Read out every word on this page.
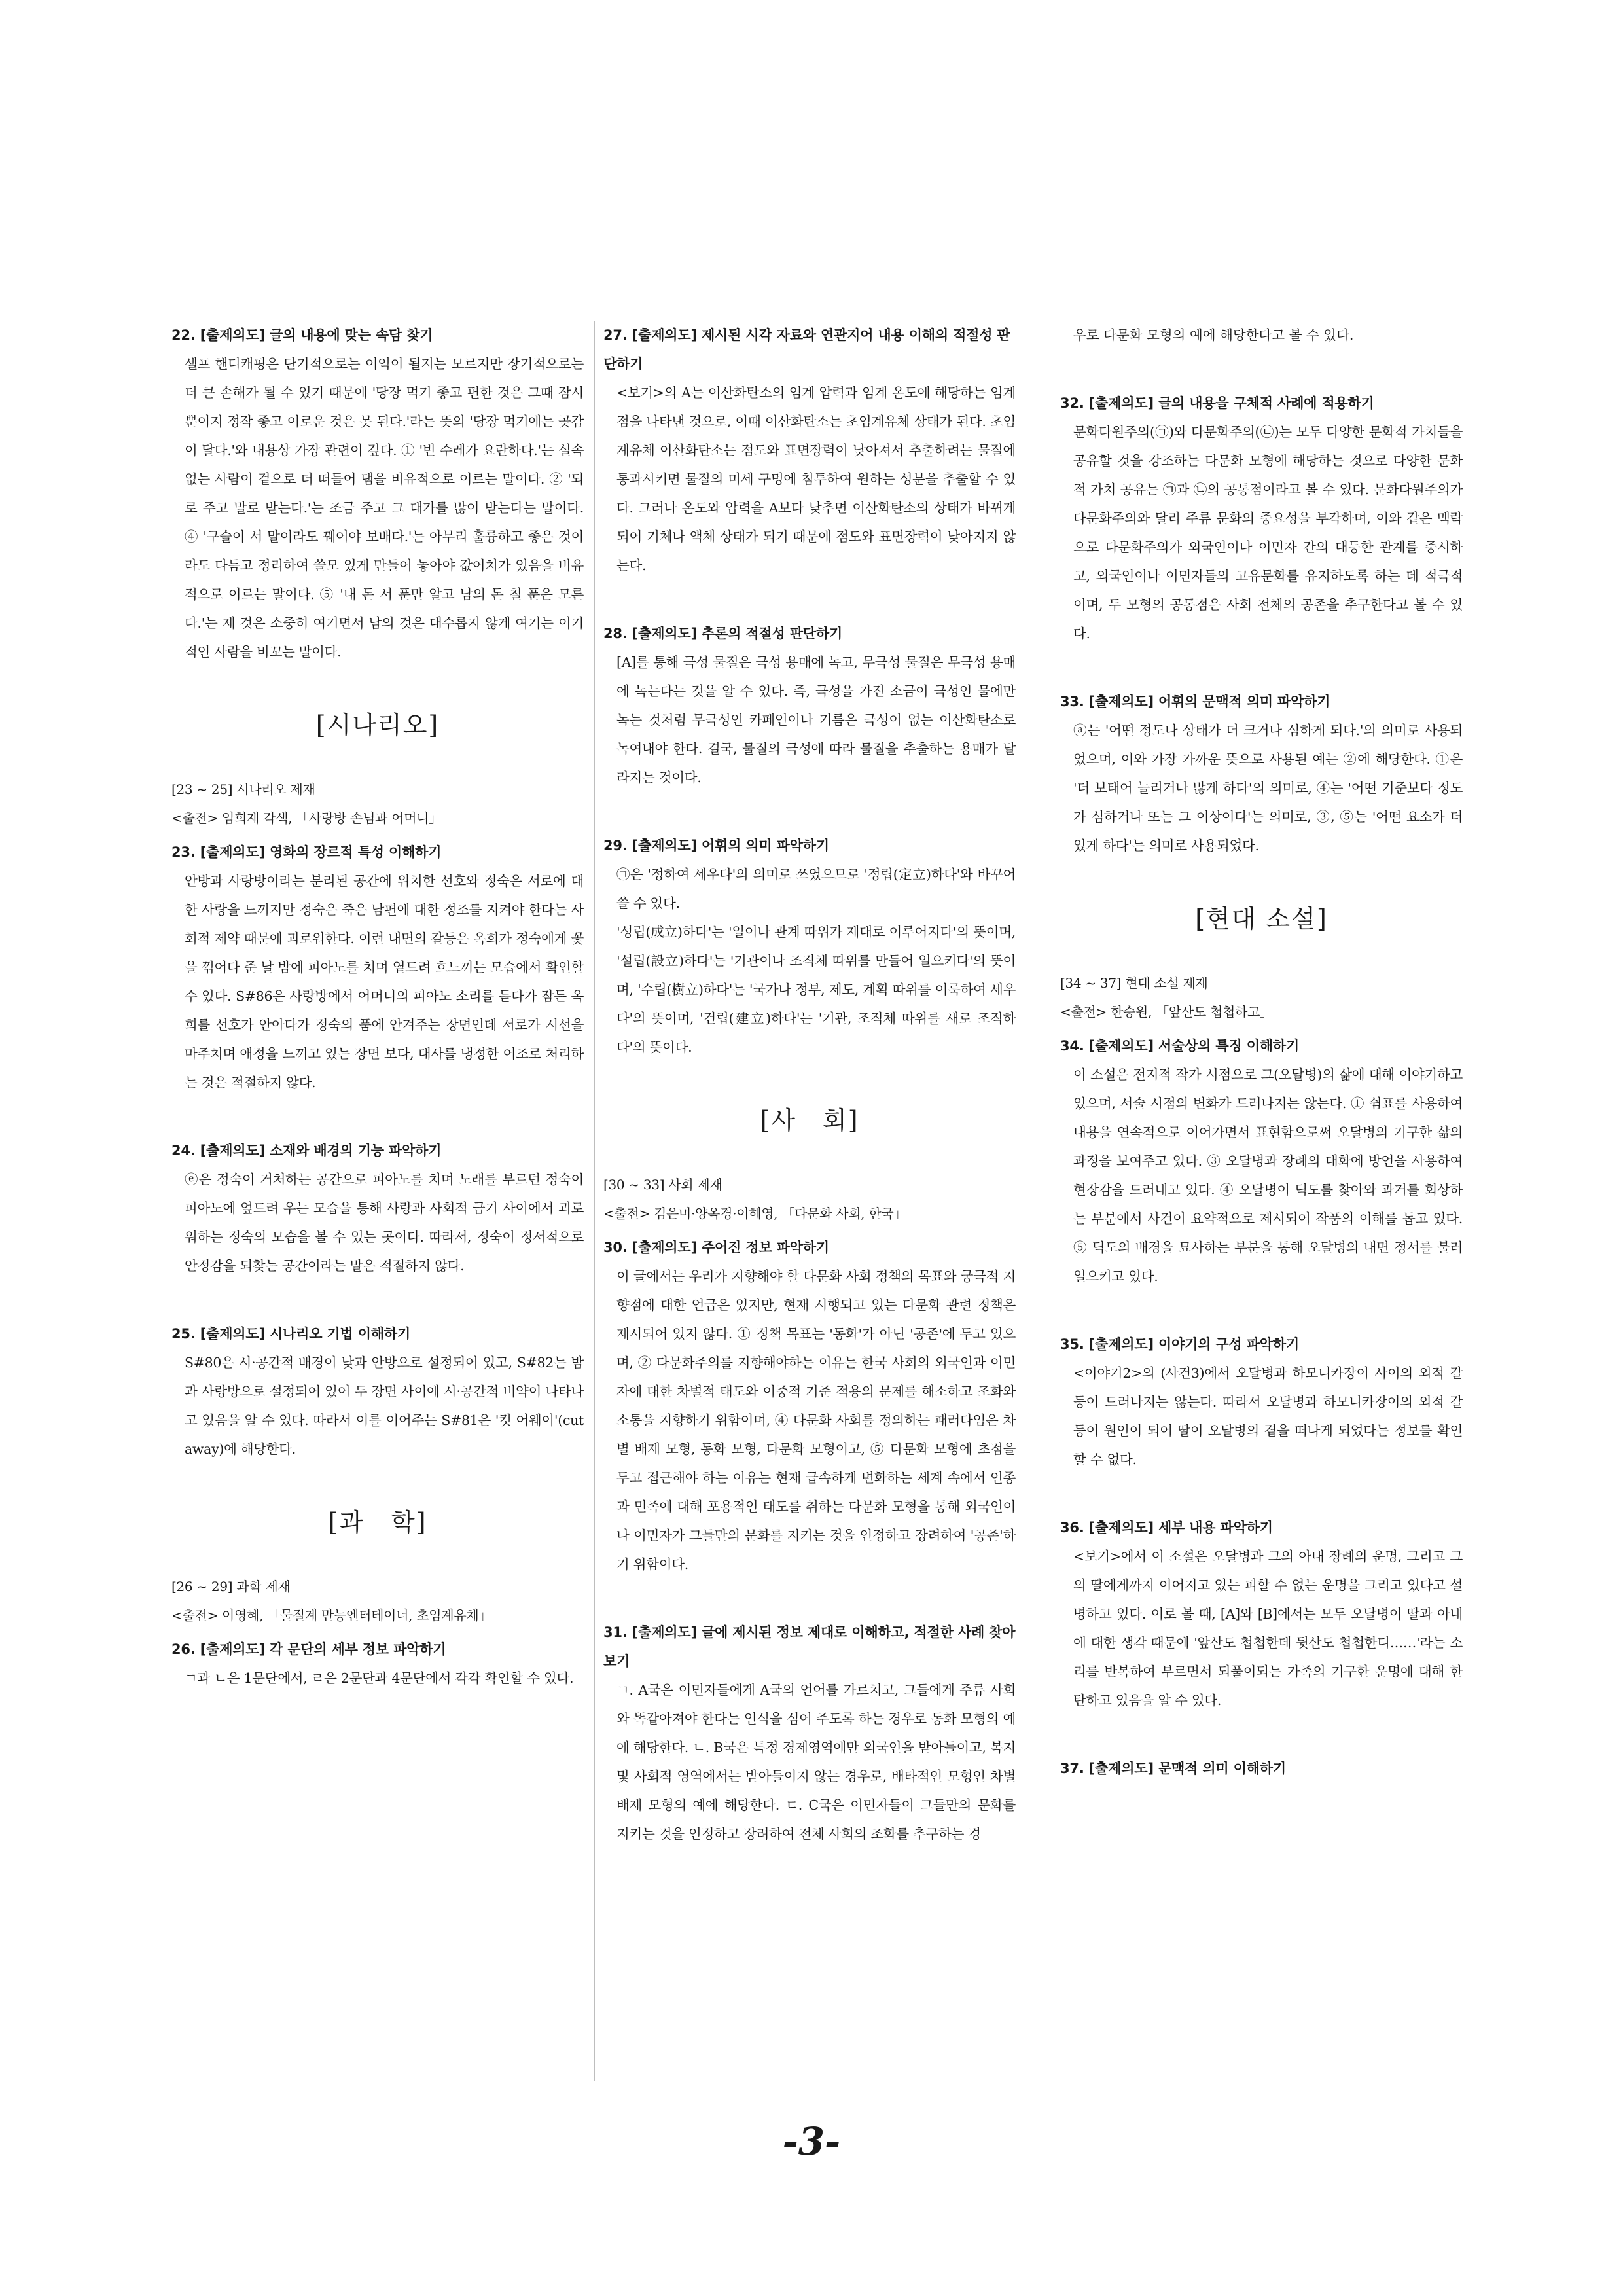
22. [출제의도] 글의 내용에 맞는 속담 찾기

셀프 핸디캐핑은 단기적으로는 이익이 될지는 모르지만 장기적으로는 더 큰 손해가 될 수 있기 때문에 '당장 먹기 좋고 편한 것은 그때 잠시뿐이지 정작 좋고 이로운 것은 못 된다.'라는 뜻의 '당장 먹기에는 곶감이 달다.'와 내용상 가장 관련이 깊다. ① '빈 수레가 요란하다.'는 실속 없는 사람이 겉으로 더 떠들어 댐을 비유적으로 이르는 말이다. ② '되로 주고 말로 받는다.'는 조금 주고 그 대가를 많이 받는다는 말이다. ④ '구슬이 서 말이라도 꿰어야 보배다.'는 아무리 훌륭하고 좋은 것이라도 다듬고 정리하여 쓸모 있게 만들어 놓아야 값어치가 있음을 비유적으로 이르는 말이다. ⑤ '내 돈 서 푼만 알고 남의 돈 칠 푼은 모른다.'는 제 것은 소중히 여기면서 남의 것은 대수롭지 않게 여기는 이기적인 사람을 비꼬는 말이다.

[시나리오]

[23 ~ 25] 시나리오 제재

<출전> 임희재 각색, 「사랑방 손님과 어머니」

23. [출제의도] 영화의 장르적 특성 이해하기

안방과 사랑방이라는 분리된 공간에 위치한 선호와 정숙은 서로에 대한 사랑을 느끼지만 정숙은 죽은 남편에 대한 정조를 지켜야 한다는 사회적 제약 때문에 괴로워한다. 이런 내면의 갈등은 옥희가 정숙에게 꽃을 꺾어다 준 날 밤에 피아노를 치며 옅드려 흐느끼는 모습에서 확인할 수 있다. S#86은 사랑방에서 어머니의 피아노 소리를 듣다가 잠든 옥희를 선호가 안아다가 정숙의 품에 안겨주는 장면인데 서로가 시선을 마주치며 애정을 느끼고 있는 장면 보다, 대사를 냉정한 어조로 처리하는 것은 적절하지 않다.

24. [출제의도] 소재와 배경의 기능 파악하기

ⓔ은 정숙이 거처하는 공간으로 피아노를 치며 노래를 부르던 정숙이 피아노에 엎드려 우는 모습을 통해 사랑과 사회적 금기 사이에서 괴로워하는 정숙의 모습을 볼 수 있는 곳이다. 따라서, 정숙이 정서적으로 안정감을 되찾는 공간이라는 말은 적절하지 않다.

25. [출제의도] 시나리오 기법 이해하기

S#80은 시·공간적 배경이 낮과 안방으로 설정되어 있고, S#82는 밤과 사랑방으로 설정되어 있어 두 장면 사이에 시·공간적 비약이 나타나고 있음을 알 수 있다. 따라서 이를 이어주는 S#81은 '컷 어웨이'(cut away)에 해당한다.

[과　학]

[26 ~ 29] 과학 제재

<출전> 이영혜, 「물질계 만능엔터테이너, 초임계유체」

26. [출제의도] 각 문단의 세부 정보 파악하기

ㄱ과 ㄴ은 1문단에서, ㄹ은 2문단과 4문단에서 각각 확인할 수 있다.

27. [출제의도] 제시된 시각 자료와 연관지어 내용 이해의 적절성 판단하기

<보기>의 A는 이산화탄소의 임계 압력과 임계 온도에 해당하는 임계점을 나타낸 것으로, 이때 이산화탄소는 초임계유체 상태가 된다. 초임계유체 이산화탄소는 점도와 표면장력이 낮아져서 추출하려는 물질에 통과시키면 물질의 미세 구멍에 침투하여 원하는 성분을 추출할 수 있다. 그러나 온도와 압력을 A보다 낮추면 이산화탄소의 상태가 바뀌게 되어 기체나 액체 상태가 되기 때문에 점도와 표면장력이 낮아지지 않는다.

28. [출제의도] 추론의 적절성 판단하기

[A]를 통해 극성 물질은 극성 용매에 녹고, 무극성 물질은 무극성 용매에 녹는다는 것을 알 수 있다. 즉, 극성을 가진 소금이 극성인 물에만 녹는 것처럼 무극성인 카페인이나 기름은 극성이 없는 이산화탄소로 녹여내야 한다. 결국, 물질의 극성에 따라 물질을 추출하는 용매가 달라지는 것이다.

29. [출제의도] 어휘의 의미 파악하기

㉠은 '정하여 세우다'의 의미로 쓰였으므로 '정립(定立)하다'와 바꾸어 쓸 수 있다.

'성립(成立)하다'는 '일이나 관계 따위가 제대로 이루어지다'의 뜻이며, '설립(設立)하다'는 '기관이나 조직체 따위를 만들어 일으키다'의 뜻이며, '수립(樹立)하다'는 '국가나 정부, 제도, 계획 따위를 이룩하여 세우다'의 뜻이며, '건립(建立)하다'는 '기관, 조직체 따위를 새로 조직하다'의 뜻이다.

[사　회]

[30 ~ 33] 사회 제재

<출전> 김은미·양옥경·이해영, 「다문화 사회, 한국」

30. [출제의도] 주어진 정보 파악하기

이 글에서는 우리가 지향해야 할 다문화 사회 정책의 목표와 궁극적 지향점에 대한 언급은 있지만, 현재 시행되고 있는 다문화 관련 정책은 제시되어 있지 않다. ① 정책 목표는 '동화'가 아닌 '공존'에 두고 있으며, ② 다문화주의를 지향해야하는 이유는 한국 사회의 외국인과 이민자에 대한 차별적 태도와 이중적 기준 적용의 문제를 해소하고 조화와 소통을 지향하기 위함이며, ④ 다문화 사회를 정의하는 패러다임은 차별 배제 모형, 동화 모형, 다문화 모형이고, ⑤ 다문화 모형에 초점을 두고 접근해야 하는 이유는 현재 급속하게 변화하는 세계 속에서 인종과 민족에 대해 포용적인 태도를 취하는 다문화 모형을 통해 외국인이나 이민자가 그들만의 문화를 지키는 것을 인정하고 장려하여 '공존'하기 위함이다.

31. [출제의도] 글에 제시된 정보 제대로 이해하고, 적절한 사례 찾아보기

ㄱ. A국은 이민자들에게 A국의 언어를 가르치고, 그들에게 주류 사회와 똑같아져야 한다는 인식을 심어 주도록 하는 경우로 동화 모형의 예에 해당한다. ㄴ. B국은 특정 경제영역에만 외국인을 받아들이고, 복지 및 사회적 영역에서는 받아들이지 않는 경우로, 배타적인 모형인 차별 배제 모형의 예에 해당한다. ㄷ. C국은 이민자들이 그들만의 문화를 지키는 것을 인정하고 장려하여 전체 사회의 조화를 추구하는 경

우로 다문화 모형의 예에 해당한다고 볼 수 있다.

32. [출제의도] 글의 내용을 구체적 사례에 적용하기

문화다원주의(㉠)와 다문화주의(㉡)는 모두 다양한 문화적 가치들을 공유할 것을 강조하는 다문화 모형에 해당하는 것으로 다양한 문화적 가치 공유는 ㉠과 ㉡의 공통점이라고 볼 수 있다. 문화다원주의가 다문화주의와 달리 주류 문화의 중요성을 부각하며, 이와 같은 맥락으로 다문화주의가 외국인이나 이민자 간의 대등한 관계를 중시하고, 외국인이나 이민자들의 고유문화를 유지하도록 하는 데 적극적이며, 두 모형의 공통점은 사회 전체의 공존을 추구한다고 볼 수 있다.

33. [출제의도] 어휘의 문맥적 의미 파악하기

ⓐ는 '어떤 정도나 상태가 더 크거나 심하게 되다.'의 의미로 사용되었으며, 이와 가장 가까운 뜻으로 사용된 예는 ②에 해당한다. ①은 '더 보태어 늘리거나 많게 하다'의 의미로, ④는 '어떤 기준보다 정도가 심하거나 또는 그 이상이다'는 의미로, ③, ⑤는 '어떤 요소가 더 있게 하다'는 의미로 사용되었다.

[현대 소설]

[34 ~ 37] 현대 소설 제재

<출전> 한승원, 「앞산도 첩첩하고」

34. [출제의도] 서술상의 특징 이해하기

이 소설은 전지적 작가 시점으로 그(오달병)의 삶에 대해 이야기하고 있으며, 서술 시점의 변화가 드러나지는 않는다. ① 쉼표를 사용하여 내용을 연속적으로 이어가면서 표현함으로써 오달병의 기구한 삶의 과정을 보여주고 있다. ③ 오달병과 장례의 대화에 방언을 사용하여 현장감을 드러내고 있다. ④ 오달병이 딕도를 찾아와 과거를 회상하는 부분에서 사건이 요약적으로 제시되어 작품의 이해를 돕고 있다. ⑤ 딕도의 배경을 묘사하는 부분을 통해 오달병의 내면 정서를 불러일으키고 있다.

35. [출제의도] 이야기의 구성 파악하기

<이야기2>의 (사건3)에서 오달병과 하모니카장이 사이의 외적 갈등이 드러나지는 않는다. 따라서 오달병과 하모니카장이의 외적 갈등이 원인이 되어 딸이 오달병의 곁을 떠나게 되었다는 정보를 확인할 수 없다.

36. [출제의도] 세부 내용 파악하기

<보기>에서 이 소설은 오달병과 그의 아내 장례의 운명, 그리고 그의 딸에게까지 이어지고 있는 피할 수 없는 운명을 그리고 있다고 설명하고 있다. 이로 볼 때, [A]와 [B]에서는 모두 오달병이 딸과 아내에 대한 생각 때문에 '앞산도 첩첩한데 뒷산도 첩첩한디……'라는 소리를 반복하여 부르면서 되풀이되는 가족의 기구한 운명에 대해 한탄하고 있음을 알 수 있다.

37. [출제의도] 문맥적 의미 이해하기

-3-
